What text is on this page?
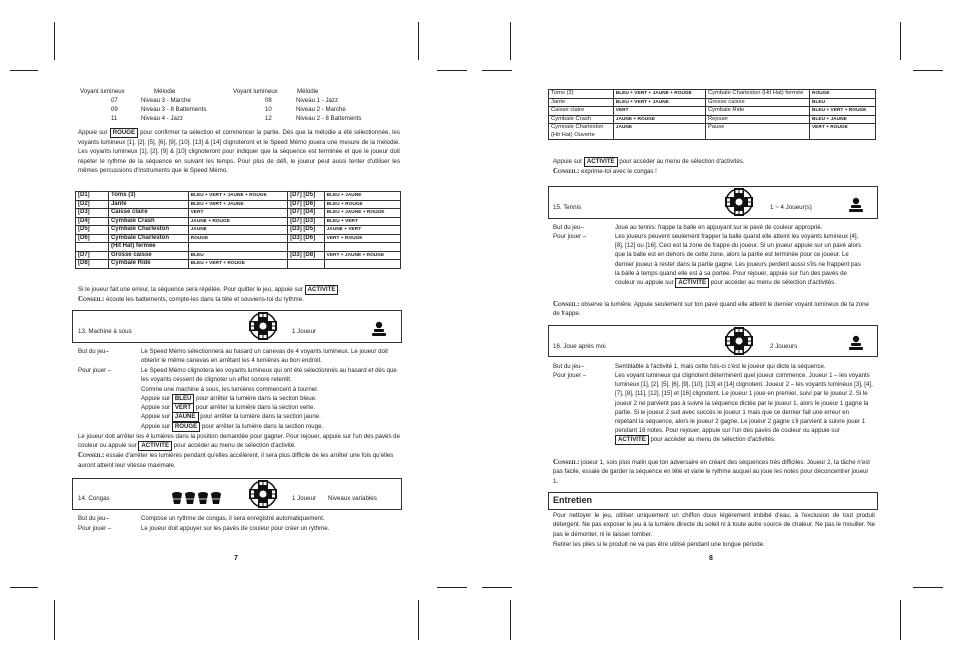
Voyant lumineux	Mélodie	Voyant lumineux	Mélodie
07	Niveau 3 - Marche	08	Niveau 1 - Jazz
09	Niveau 3 - 8 Battements	10	Niveau 2 - Marche
11	Niveau 4 - Jazz	12	Niveau 2 - 8 Battements

Appuie sur ROUGE pour confirmer ta sélection et commencer la partie. Dès que la mélodie a été sélectionnée, les voyants lumineux [1], [2], [5], [6], [9], [10], [13] & [14] clignoteront et le Speed Mémo jouera une mesure de la mélodie. Les voyants lumineux [1], [2], [9] & [10] clignoteront pour indiquer que la séquence est terminée et que le joueur doit répéter le rythme de la séquence en suivant les temps. Pour plus de défi, le joueur peut aussi tenter d'utiliser les mêmes percussions d'instruments que le Speed Mémo.

[D1]	Toms (3)	BLEU + VERT + JAUNE + ROUGE	[D7] [D5]	BLEU + JAUNE
[D2]	Jante	BLEU + VERT + JAUNE	[D7] [D6]	BLEU + ROUGE
[D3]	Caisse claire	VERT	[D7] [D4]	BLEU + JAUNE + ROUGE
[D4]	Cymbale Crash	JAUNE + ROUGE	[D7] [D3]	BLEU + VERT
[D5]	Cymbale Charleston	JAUNE	[D3] [D5]	JAUNE + VERT
[D6]	Cymbale Charleston	ROUGE	[D3] [D6]	VERT + ROUGE
	(Hit Hat) fermée			
[D7]	Grosse caisse	BLEU	[D3] [D8]	VERT + JAUNE + ROUGE
[D8]	Cymbale Ride	BLEU + VERT + ROUGE		

Si le joueur fait une erreur, la séquence sera répétée. Pour quitter le jeu, appuie sur ACTIVITÉ .
Conseil: écoute les battements, compte-les dans ta tête et souviens-toi du rythme.

13. Machine à sous	1 Joueur
But du jeu–	Le Speed Mémo sélectionnera au hasard un canevas de 4 voyants lumineux. Le joueur doit obtenir le même canevas en arrêtant les 4 lumières au bon endroit.

Pour jouer –	Le Speed Mémo clignotera les voyants lumineux qui ont été sélectionnés au hasard et dès que les voyants cessent de clignoter un effet sonore retentit.

Comme une machine à sous, les lumières commencent à tourner.

Appuie sur BLEU pour arrêter la lumière dans la section bleue.
Appuie sur VERT pour arrêter la lumière dans la section verte.
Appuie sur JAUNE pour arrêter la lumière dans la section jaune.
Appuie sur ROUGE pour arrêter la lumière dans la section rouge.

Le joueur doit arrêter les 4 lumières dans la position demandée pour gagner. Pour rejouer, appuie sur l'un des pavés de couleur ou appuie sur ACTIVITÉ pour accéder au menu de sélection d'activité.
Conseil: essaie d'arrêter les lumières pendant qu'elles accélèrent, il sera plus difficile de les arrêter une fois qu'elles auront atteint leur vitesse maximale.

14. Congas	1 Joueur Niveaux variables
But du jeu–	Compose un rythme de congas, il sera enregistré automatiquement.

Pour jouer –	Le joueur doit appuyer sur les pavés de couleur pour créer un rythme.

7
Toms (3)	BLEU + VERT + JAUNE + ROUGE	Cymbale Charleston (Hit Hat) fermée	ROUGE
Jante	BLEU + VERT + JAUNE	Grosse caisse	BLEU
Caisse claire	VERT	Cymbale Ride	BLEU + VERT + ROUGE
Cymbale Crash	JAUNE + ROUGE	Rejouer	BLEU + JAUNE
Cymnale Charleston (Hit Hat) Ouverte	JAUNE	Pause	VERT + ROUGE

Appuie sur ACTIVITÉ pour accéder au menu de sélection d'activités.
Conseil: exprime-toi avec le congas !

15. Tennis	1 ~ 4 Joueur(s)
But du jeu–	Joue au tennis: frappe la balle en appuyant sur le pavé de couleur approprié.

Pour jouer –	Les joueurs peuvent seulement frapper la balle quand elle atteint les voyants lumineux [4], [8], [12] ou [16]. Ceci est la zone de frappe du joueur. Si un joueur appuie sur un pavé alors que la balle est en dehors de cette zone, alors la partie est terminée pour ce joueur. Le dernier joueur à rester dans la partie gagne. Les joueurs perdent aussi s'ils ne frappent pas la balle à temps quand elle est à sa portée. Pour rejouer, appuie sur l'un des pavés de couleur ou appuie sur ACTIVITÉ pour accéder au menu de sélection d'activités.

Conseil: observe la lumière. Appuie seulement sur ton pavé quand elle atteint le dernier voyant lumineux de ta zone de frappe.

16. Joue après moi	2 Joueurs
But du jeu–	Semblable à l'activité 1, mais cette fois-ci c'est le joueur qui dicte la séquence.

Pour jouer –	Les voyant lumineux qui clignotent déterminent quel joueur commence. Joueur 1 – les voyants lumineux [1], [2], [5], [6], [9], [10], [13] et [14] clignotent. Joueur 2 – les voyants lumineux [3], [4], [7], [8], [11], [12], [15] et [16] clignotent. Le joueur 1 joue en premier, suivi par le joueur 2. Si le joueur 2 ne parvient pas à suivre la séquence dictée par le joueur 1, alors le joueur 1 gagne la partie. Si le joueur 2 suit avec succès le joueur 1 mais que ce dernier fait une erreur en répétant la séquence, alors le joueur 2 gagne. Le joueur 2 gagne s'il parvient à suivre jouer 1 pendant 16 notes. Pour rejouer, appuie sur l'un des pavés de couleur ou appuie sur ACTIVITÉ pour accéder au menu de sélection d'activités.

Conseil: joueur 1, sois plus malin que ton adversaire en créant des séquences très difficiles. Joueur 2, ta tâche n'est pas facile, essaie de garder la séquence en tête et varie le rythme auquel au joue les notes pour déconcentrer joueur 1.

Entretien

Pour nettoyer le jeu, utiliser uniquement un chiffon doux légèrement imbibé d'eau, à l'exclusion de tout produit détergent. Ne pas exposer le jeu à la lumière directe du soleil ni à toute autre source de chaleur. Ne pas le mouiller. Ne pas le démonter, ni le laisser tomber.

Retirer les piles si le produit ne va pas être utilisé pendant une longue période.

8
